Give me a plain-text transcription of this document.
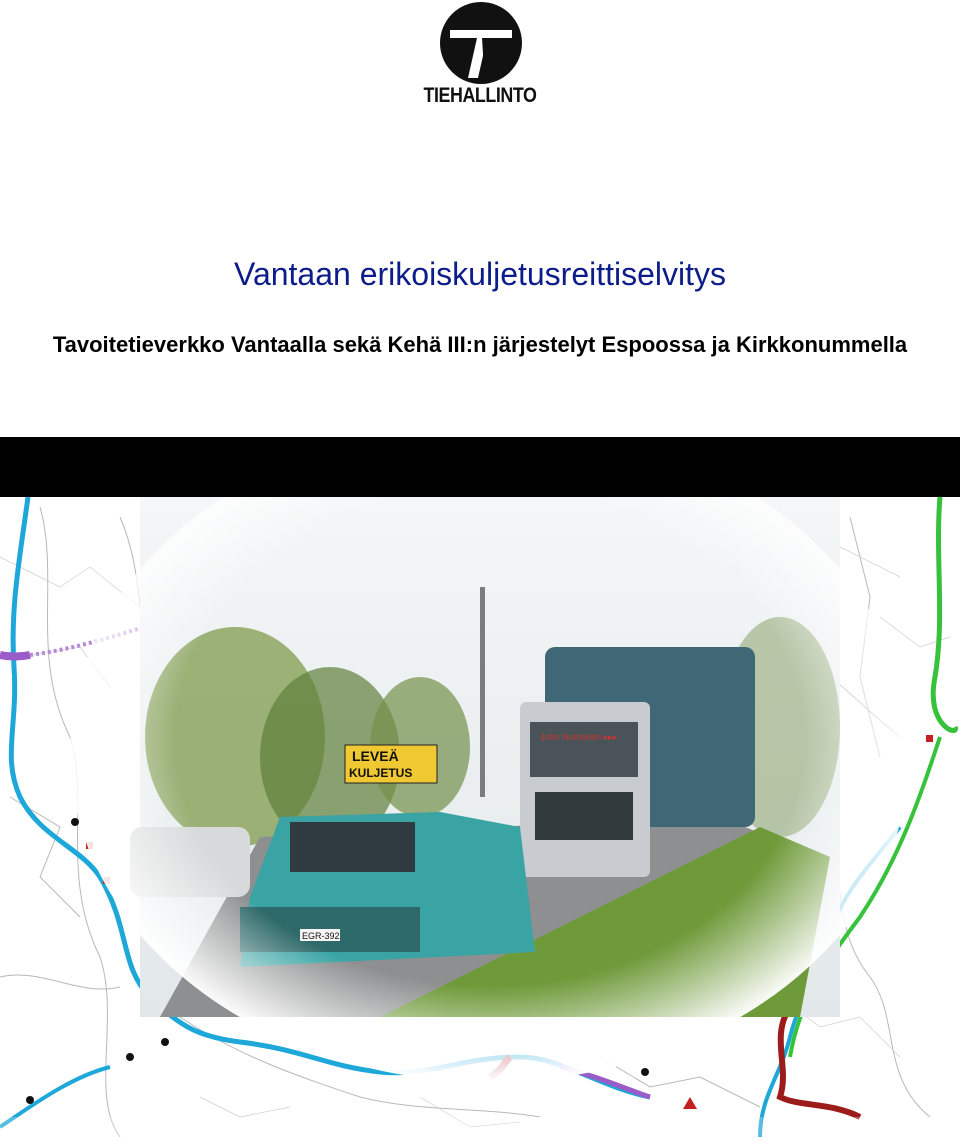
TIEHALLINTO
Vantaan erikoiskuljetusreittiselvitys
Tavoitetieverkko Vantaalla sekä Kehä III:n järjestelyt Espoossa ja Kirkkonummella
